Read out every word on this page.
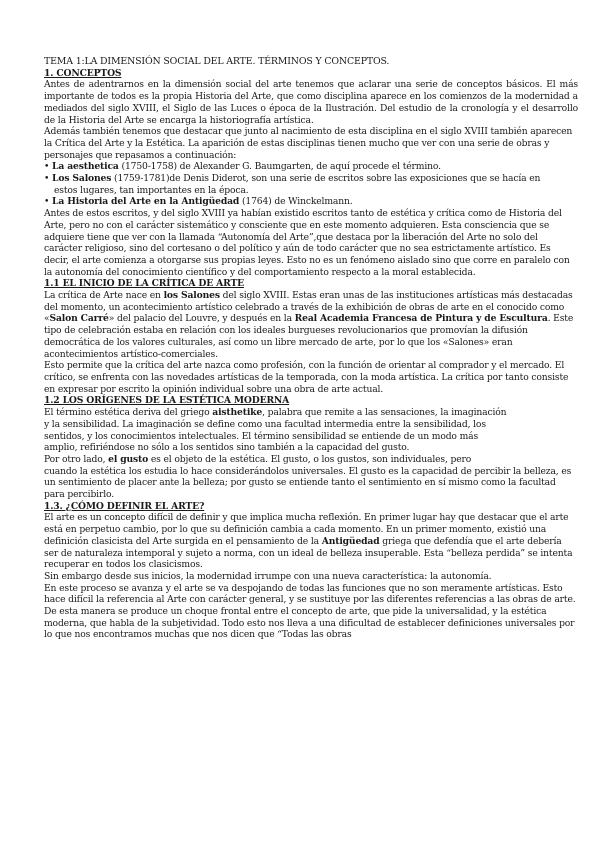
TEMA 1:LA DIMENSIÓN SOCIAL DEL ARTE. TÉRMINOS Y CONCEPTOS.

1. CONCEPTOS

Antes de adentrarnos en la dimensión social del arte tenemos que aclarar una serie de conceptos básicos. El más importante de todos es la propia Historia del Arte, que como disciplina aparece en los comienzos de la modernidad a mediados del siglo XVIII, el Siglo de las Luces o época de la Ilustración. Del estudio de la cronología y el desarrollo de la Historia del Arte se encarga la historiografía artística.

Además también tenemos que destacar que junto al nacimiento de esta disciplina en el siglo XVIII también aparecen la Crítica del Arte y la Estética. La aparición de estas disciplinas tienen mucho que ver con una serie de obras y personajes que repasamos a continuación:

• La aesthetica (1750-1758) de Alexander G. Baumgarten, de aquí procede el término.

• Los Salones (1759-1781)de Denis Diderot, son una serie de escritos sobre las exposiciones que se hacía en

estos lugares, tan importantes en la época.

• La Historia del Arte en la Antigüedad (1764) de Winckelmann.

Antes de estos escritos, y del siglo XVIII ya habían existido escritos tanto de estética y crítica como de Historia del Arte, pero no con el carácter sistemático y consciente que en este momento adquieren. Esta consciencia que se adquiere tiene que ver con la llamada “Autonomía del Arte”,que destaca por la liberación del Arte no solo del carácter religioso, sino del cortesano o del político y aún de todo carácter que no sea estrictamente artístico. Es decir, el arte comienza a otorgarse sus propias leyes. Esto no es un fenómeno aislado sino que corre en paralelo con la autonomía del conocimiento científico y del comportamiento respecto a la moral establecida.

1.1 EL INICIO DE LA CRÍTICA DE ARTE

La crítica de Arte nace en los Salones del siglo XVIII. Estas eran unas de las instituciones artísticas más destacadas del momento, un acontecimiento artístico celebrado a través de la exhibición de obras de arte en el conocido como «Salon Carré» del palacio del Louvre, y después en la Real Academia Francesa de Pintura y de Escultura. Este tipo de celebración estaba en relación con los ideales burgueses revolucionarios que promovían la difusión democrática de los valores culturales, así como un libre mercado de arte, por lo que los «Salones» eran acontecimientos artístico-comerciales.

Esto permite que la crítica del arte nazca como profesión, con la función de orientar al comprador y el mercado. El crítico, se enfrenta con las novedades artísticas de la temporada, con la moda artística. La crítica por tanto consiste en expresar por escrito la opinión individual sobre una obra de arte actual.

1.2 LOS ORÍGENES DE LA ESTÉTICA MODERNA

El término estética deriva del griego aisthetike, palabra que remite a las sensaciones, la imaginación

y la sensibilidad. La imaginación se define como una facultad intermedia entre la sensibilidad, los

sentidos, y los conocimientos intelectuales. El término sensibilidad se entiende de un modo más

amplio, refiriéndose no sólo a los sentidos sino también a la capacidad del gusto.

Por otro lado, el gusto es el objeto de la estética. El gusto, o los gustos, son individuales, pero

cuando la estética los estudia lo hace considerándolos universales. El gusto es la capacidad de percibir la belleza, es un sentimiento de placer ante la belleza; por gusto se entiende tanto el sentimiento en sí mismo como la facultad para percibirlo.

1.3. ¿CÓMO DEFINIR EL ARTE?

El arte es un concepto difícil de definir y que implica mucha reflexión. En primer lugar hay que destacar que el arte está en perpetuo cambio, por lo que su definición cambia a cada momento. En un primer momento, existió una definición clasicista del Arte surgida en el pensamiento de la Antigüedad griega que defendía que el arte debería ser de naturaleza intemporal y sujeto a norma, con un ideal de belleza insuperable. Esta “belleza perdida” se intenta recuperar en todos los clasicismos.

Sin embargo desde sus inicios, la modernidad irrumpe con una nueva característica: la autonomía.

En este proceso se avanza y el arte se va despojando de todas las funciones que no son meramente artísticas. Esto hace difícil la referencia al Arte con carácter general, y se sustituye por las diferentes referencias a las obras de arte.

De esta manera se produce un choque frontal entre el concepto de arte, que pide la universalidad, y la estética moderna, que habla de la subjetividad. Todo esto nos lleva a una dificultad de establecer definiciones universales por lo que nos encontramos muchas que nos dicen que “Todas las obras
